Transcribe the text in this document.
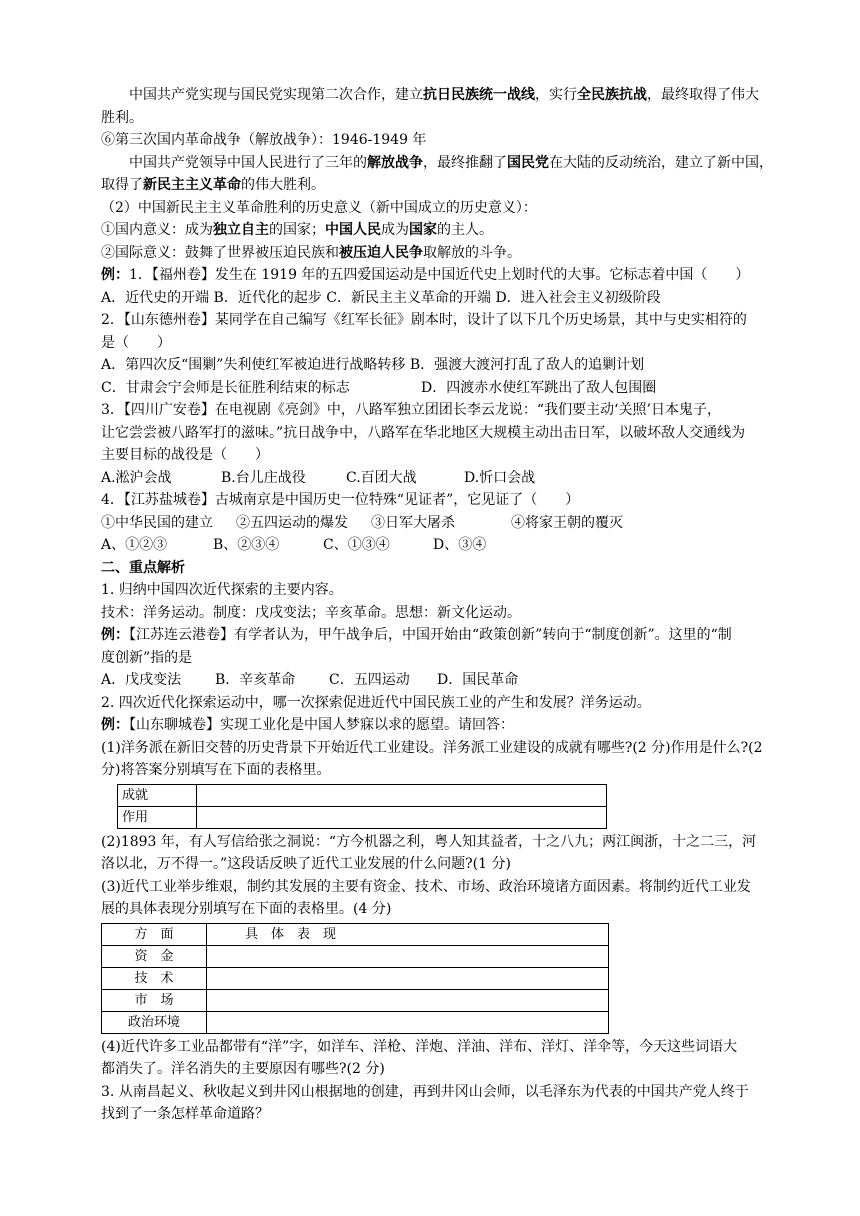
中国共产党实现与国民党实现第二次合作，建立抗日民族统一战线，实行全民族抗战，最终取得了伟大
胜利。
⑥第三次国内革命战争（解放战争）：1946-1949 年
中国共产党领导中国人民进行了三年的解放战争，最终推翻了国民党在大陆的反动统治，建立了新中国，
取得了新民主主义革命的伟大胜利。
（2）中国新民主主义革命胜利的历史意义（新中国成立的历史意义）：
①国内意义：成为独立自主的国家；中国人民成为国家的主人。
②国际意义：鼓舞了世界被压迫民族和被压迫人民争取解放的斗争。
例：1．【福州卷】发生在 1919 年的五四爱国运动是中国近代史上划时代的大事。它标志着中国（　　）
A．近代史的开端 B．近代化的起步 C．新民主主义革命的开端 D．进入社会主义初级阶段
2．【山东德州卷】某同学在自己编写《红军长征》剧本时，设计了以下几个历史场景，其中与史实相符的
是（　　）
A．第四次反“围剿”失利使红军被迫进行战略转移 B．强渡大渡河打乱了敌人的追剿计划
C．甘肃会宁会师是长征胜利结束的标志	D．四渡赤水使红军跳出了敌人包围圈
3．【四川广安卷】在电视剧《亮剑》中，八路军独立团团长李云龙说：“我们要主动‘关照’日本鬼子，
让它尝尝被八路军打的滋味。”抗日战争中，八路军在华北地区大规模主动出击日军，以破坏敌人交通线为
主要目标的战役是（　　）
A.淞沪会战	B.台儿庄战役	C.百团大战	D.忻口会战
4．【江苏盐城卷】古城南京是中国历史一位特殊“见证者”，它见证了（　　）
①中华民国的建立 ②五四运动的爆发 ③日军大屠杀	④将家王朝的覆灭
A、①②③	B、②③④	C、①③④	D、③④
二、重点解析
1. 归纳中国四次近代探索的主要内容。
技术：洋务运动。制度：戊戌变法；辛亥革命。思想：新文化运动。
例：【江苏连云港卷】有学者认为，甲午战争后，中国开始由“政策创新”转向于“制度创新”。这里的“制
度创新”指的是
A．戊戌变法 B．辛亥革命 C．五四运动 D．国民革命
2. 四次近代化探索运动中，哪一次探索促进近代中国民族工业的产生和发展？洋务运动。
例：【山东聊城卷】实现工业化是中国人梦寐以求的愿望。请回答：
(1)洋务派在新旧交替的历史背景下开始近代工业建设。洋务派工业建设的成就有哪些?(2 分)作用是什么?(2
分)将答案分别填写在下面的表格里。
成就	
作用	
(2)1893 年，有人写信给张之洞说：“方今机器之利，粤人知其益者，十之八九；两江闽浙，十之二三，河
洛以北，万不得一。”这段话反映了近代工业发展的什么问题?(1 分)
(3)近代工业举步维艰，制约其发展的主要有资金、技术、市场、政治环境诸方面因素。将制约近代工业发
展的具体表现分别填写在下面的表格里。(4 分)
方　面	具　体　表　现
资　金	
技　术	
市　场	
政治环境	
(4)近代许多工业品都带有“洋”字，如洋车、洋枪、洋炮、洋油、洋布、洋灯、洋伞等，今天这些词语大
都消失了。洋名消失的主要原因有哪些?(2 分)
3. 从南昌起义、秋收起义到井冈山根据地的创建，再到井冈山会师，以毛泽东为代表的中国共产党人终于
找到了一条怎样革命道路？
